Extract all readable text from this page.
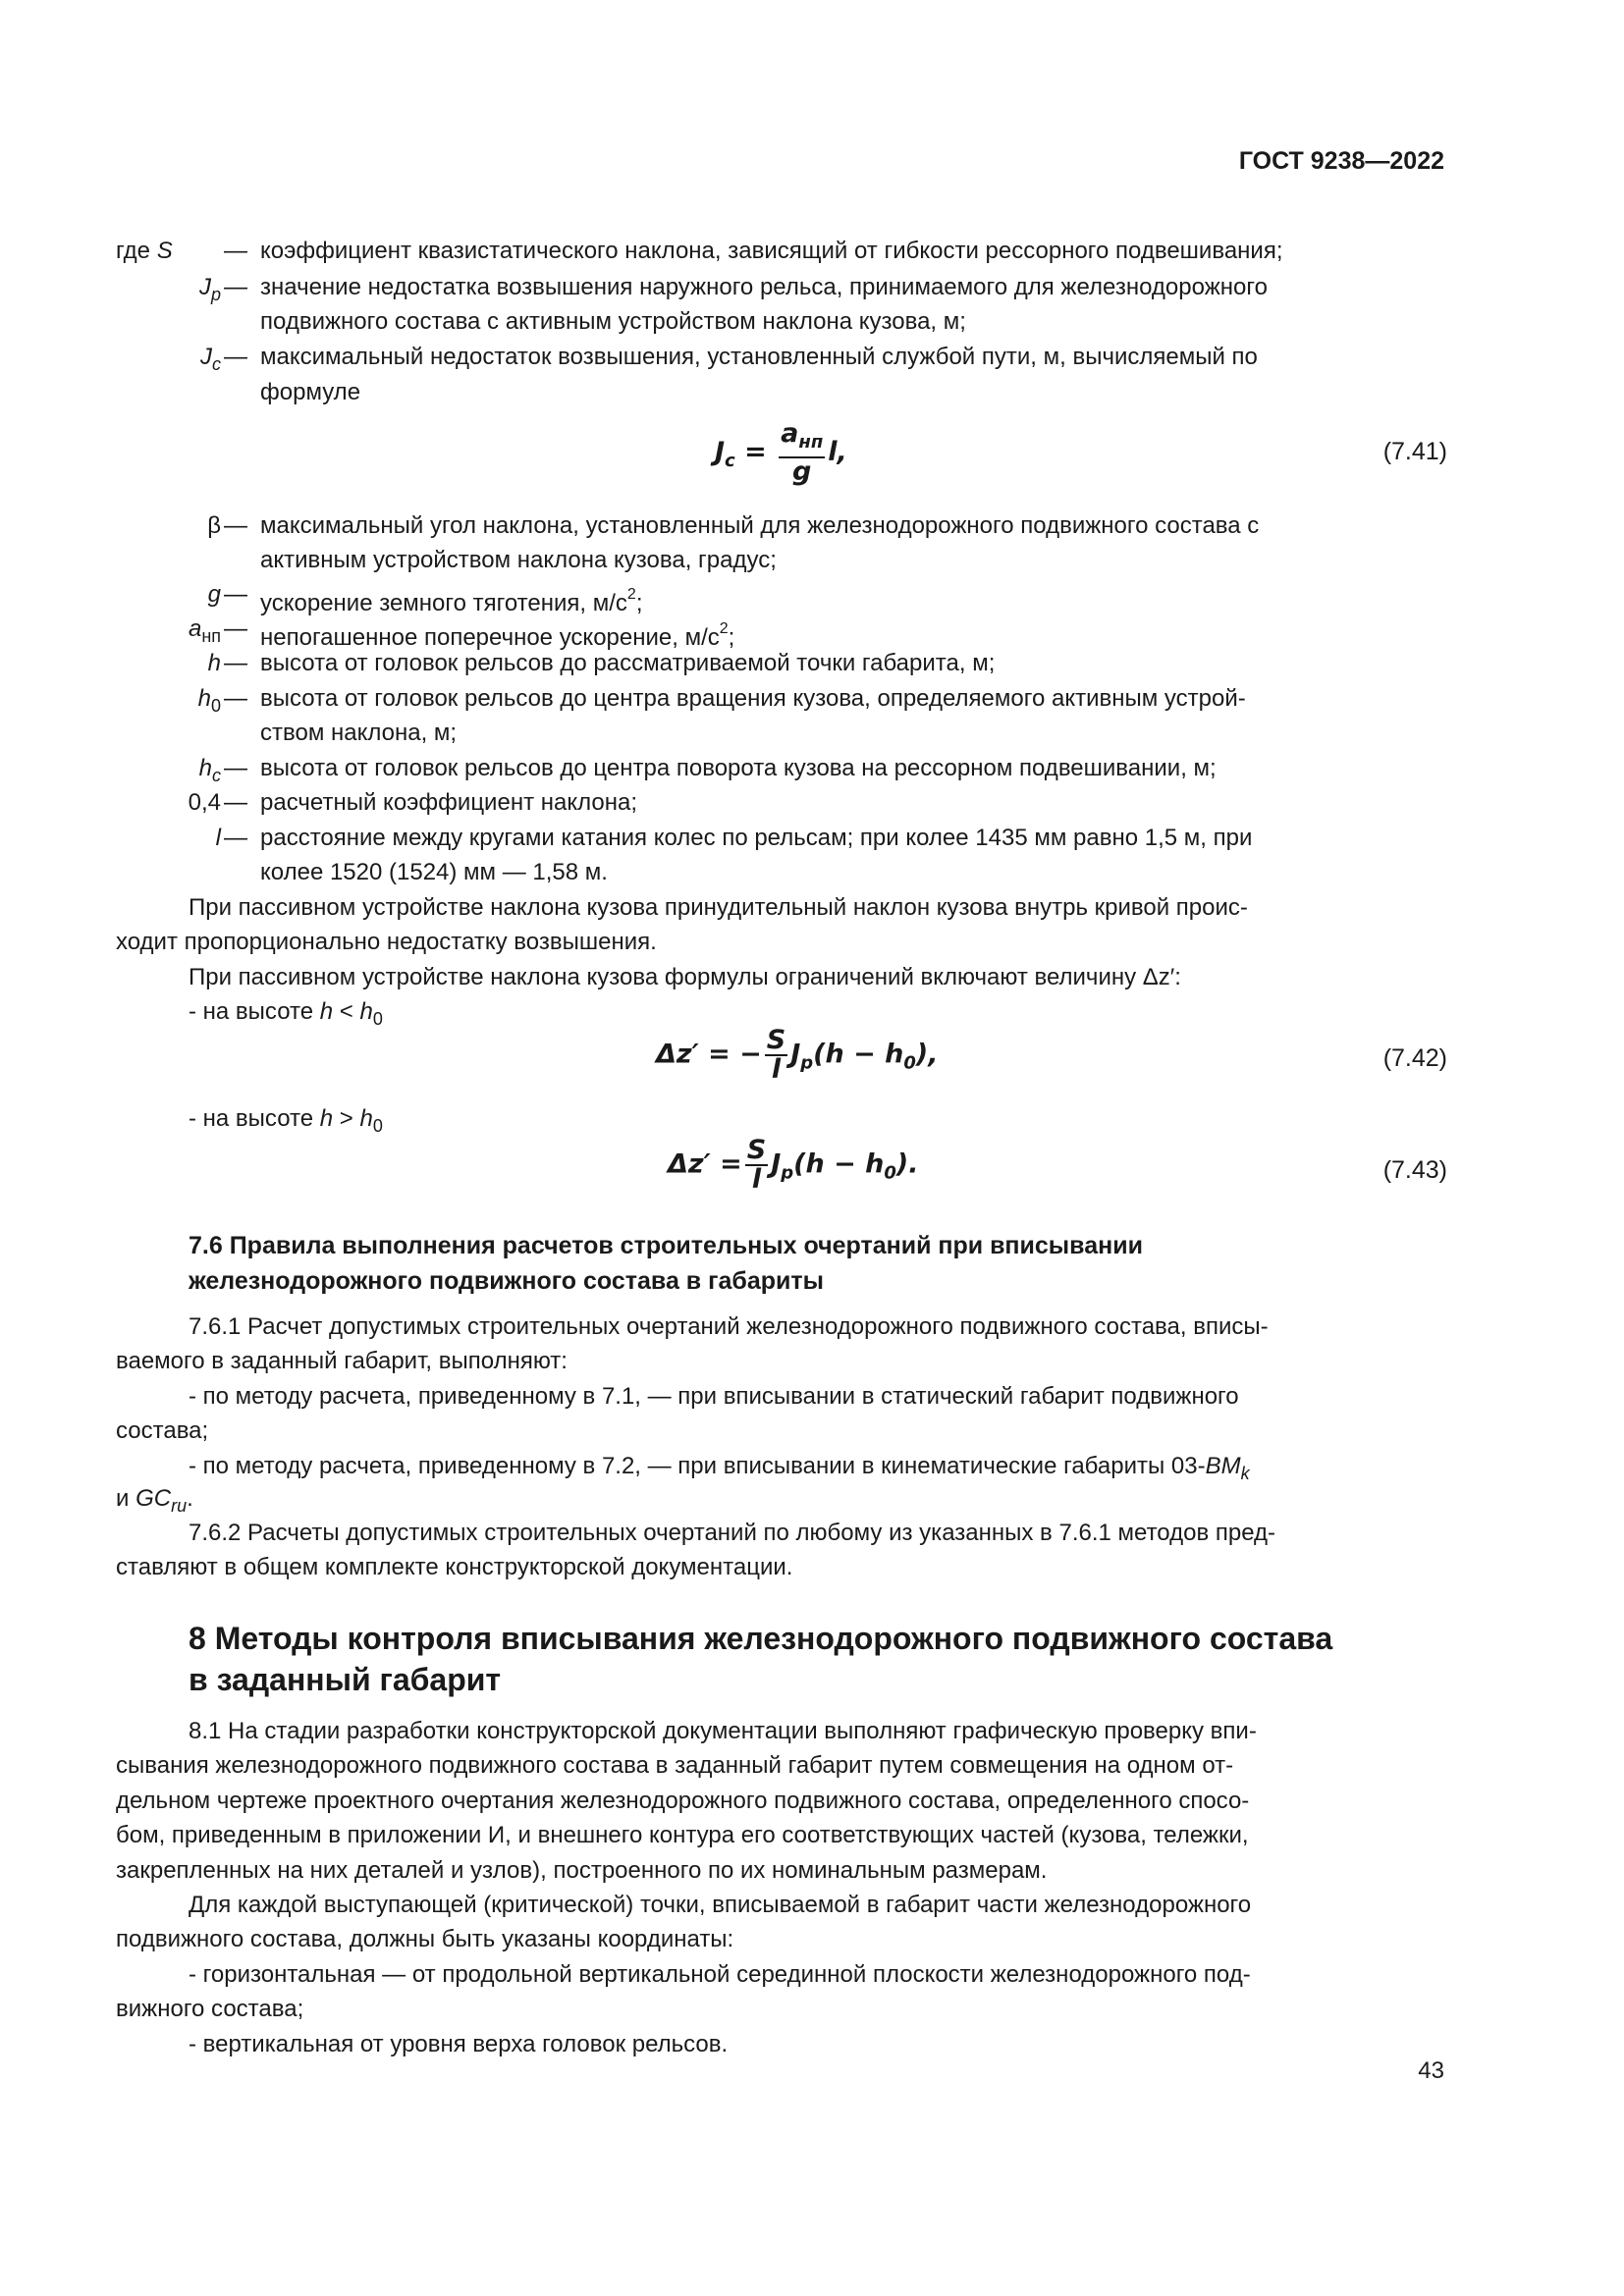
ГОСТ 9238—2022
где S — коэффициент квазистатического наклона, зависящий от гибкости рессорного подвешивания;
$J_p$ — значение недостатка возвышения наружного рельса, принимаемого для железнодорожного
подвижного состава с активным устройством наклона кузова, м;
$J_c$ — максимальный недостаток возвышения, установленный службой пути, м, вычисляемый по
формуле
$J_c = \frac{a_{нп}}{g} l$,	(7.41)
β — максимальный угол наклона, установленный для железнодорожного подвижного состава с
активным устройством наклона кузова, градус;
g — ускорение земного тяготения, $м/с^2$;
$a_{нп}$ — непогашенное поперечное ускорение, $м/с^2$;
h — высота от головок рельсов до рассматриваемой точки габарита, м;
$h_0$ — высота от головок рельсов до центра вращения кузова, определяемого активным устрой-
ством наклона, м;
$h_c$ — высота от головок рельсов до центра поворота кузова на рессорном подвешивании, м;
0,4 — расчетный коэффициент наклона;
l — расстояние между кругами катания колес по рельсам; при колее 1435 мм равно 1,5 м, при
колее 1520 (1524) мм — 1,58 м.
При пассивном устройстве наклона кузова принудительный наклон кузова внутрь кривой проис-
ходит пропорционально недостатку возвышения.
При пассивном устройстве наклона кузова формулы ограничений включают величину Δz′:
- на высоте $h < h_0$
Δz′ = − $\frac{S}{l} J_p(h - h_0)$,	(7.42)
- на высоте $h > h_0$
$\Delta z' = \frac{S}{l} J_p(h - h_0)$.	(7.43)
7.6 Правила выполнения расчетов строительных очертаний при вписывании
железнодорожного подвижного состава в габариты
7.6.1 Расчет допустимых строительных очертаний железнодорожного подвижного состава, вписы-
ваемого в заданный габарит, выполняют:
- по методу расчета, приведенному в 7.1, — при вписывании в статический габарит подвижного
состава;
- по методу расчета, приведенному в 7.2, — при вписывании в кинематические габариты $03-BM_k$
и $GC_{ru}$.
7.6.2 Расчеты допустимых строительных очертаний по любому из указанных в 7.6.1 методов пред-
ставляют в общем комплекте конструкторской документации.
8 Методы контроля вписывания железнодорожного подвижного состава
в заданный габарит
8.1 На стадии разработки конструкторской документации выполняют графическую проверку впи-
сывания железнодорожного подвижного состава в заданный габарит путем совмещения на одном от-
дельном чертеже проектного очертания железнодорожного подвижного состава, определенного спосо-
бом, приведенным в приложении И, и внешнего контура его соответствующих частей (кузова, тележки,
закрепленных на них деталей и узлов), построенного по их номинальным размерам.
Для каждой выступающей (критической) точки, вписываемой в габарит части железнодорожного
подвижного состава, должны быть указаны координаты:
- горизонтальная — от продольной вертикальной серединной плоскости железнодорожного под-
вижного состава;
- вертикальная от уровня верха головок рельсов.
43
